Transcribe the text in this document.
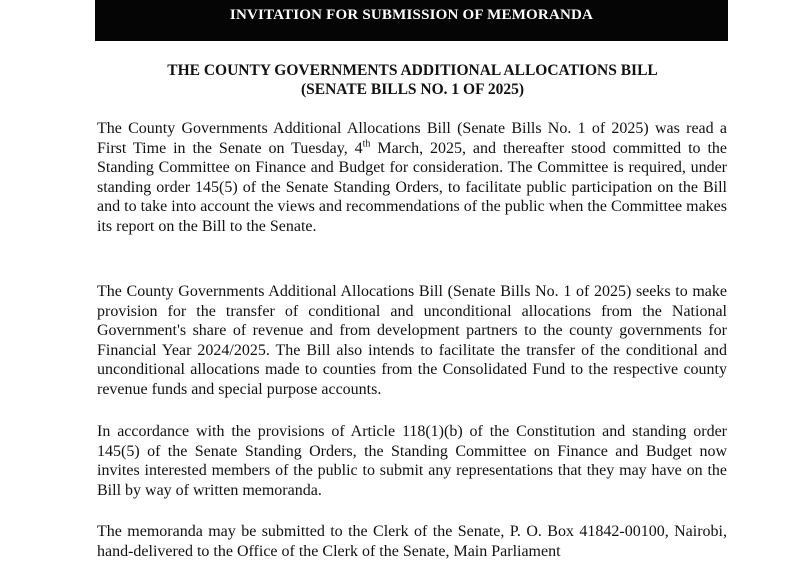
INVITATION FOR SUBMISSION OF MEMORANDA
THE COUNTY GOVERNMENTS ADDITIONAL ALLOCATIONS BILL
(SENATE BILLS NO. 1 OF 2025)

The County Governments Additional Allocations Bill (Senate Bills No. 1 of 2025) was read a First Time in the Senate on Tuesday, 4th March, 2025, and thereafter stood committed to the Standing Committee on Finance and Budget for consideration. The Committee is required, under standing order 145(5) of the Senate Standing Orders, to facilitate public participation on the Bill and to take into account the views and recommendations of the public when the Committee makes its report on the Bill to the Senate.

The County Governments Additional Allocations Bill (Senate Bills No. 1 of 2025) seeks to make provision for the transfer of conditional and unconditional allocations from the National Government's share of revenue and from development partners to the county governments for Financial Year 2024/2025. The Bill also intends to facilitate the transfer of the conditional and unconditional allocations made to counties from the Consolidated Fund to the respective county revenue funds and special purpose accounts.

In accordance with the provisions of Article 118(1)(b) of the Constitution and standing order 145(5) of the Senate Standing Orders, the Standing Committee on Finance and Budget now invites interested members of the public to submit any representations that they may have on the Bill by way of written memoranda.

The memoranda may be submitted to the Clerk of the Senate, P. O. Box 41842-00100, Nairobi, hand-delivered to the Office of the Clerk of the Senate, Main Parliament
